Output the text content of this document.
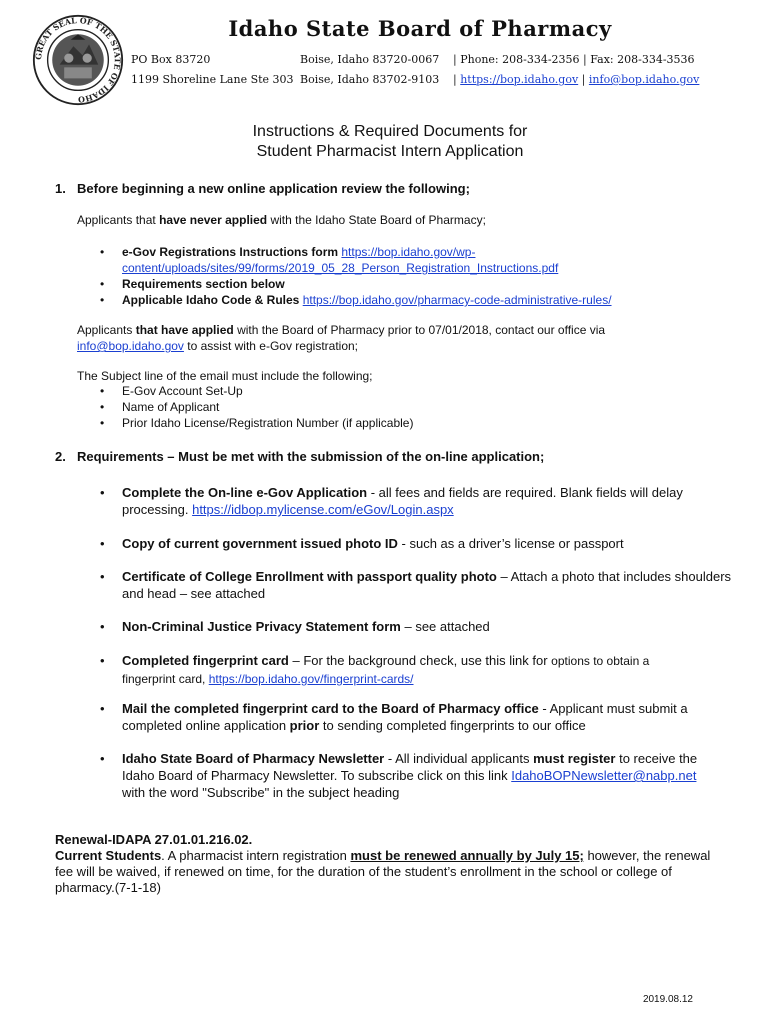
GREAT SEAL OF THE STATE OF IDAHO
Idaho State Board of Pharmacy
PO Box 83720	Boise, Idaho 83720-0067 | Phone: 208-334-2356 | Fax: 208-334-3536
1199 Shoreline Lane Ste 303 Boise, Idaho 83702-9103 | https://bop.idaho.gov | info@bop.idaho.gov
Instructions & Required Documents for
Student Pharmacist Intern Application
1. Before beginning a new online application review the following;
Applicants that have never applied with the Idaho State Board of Pharmacy;
• e-Gov Registrations Instructions form https://bop.idaho.gov/wp-
content/uploads/sites/99/forms/2019_05_28_Person_Registration_Instructions.pdf
• Requirements section below
• Applicable Idaho Code & Rules https://bop.idaho.gov/pharmacy-code-administrative-rules/
Applicants that have applied with the Board of Pharmacy prior to 07/01/2018, contact our office via
info@bop.idaho.gov to assist with e-Gov registration;
The Subject line of the email must include the following;
• E-Gov Account Set-Up
• Name of Applicant
• Prior Idaho License/Registration Number (if applicable)
2. Requirements – Must be met with the submission of the on-line application;
• Complete the On-line e-Gov Application - all fees and fields are required. Blank fields will delay processing. https://idbop.mylicense.com/eGov/Login.aspx
• Copy of current government issued photo ID - such as a driver’s license or passport
• Certificate of College Enrollment with passport quality photo – Attach a photo that includes shoulders and head – see attached
• Non-Criminal Justice Privacy Statement form – see attached
• Completed fingerprint card – For the background check, use this link for options to obtain a
fingerprint card, https://bop.idaho.gov/fingerprint-cards/
• Mail the completed fingerprint card to the Board of Pharmacy office - Applicant must submit a completed online application prior to sending completed fingerprints to our office
• Idaho State Board of Pharmacy Newsletter - All individual applicants must register to receive the Idaho Board of Pharmacy Newsletter. To subscribe click on this link IdahoBOPNewsletter@nabp.net with the word "Subscribe" in the subject heading
Renewal-IDAPA 27.01.01.216.02.
Current Students. A pharmacist intern registration must be renewed annually by July 15; however, the renewal fee will be waived, if renewed on time, for the duration of the student’s enrollment in the school or college of pharmacy.(7-1-18)
2019.08.12
